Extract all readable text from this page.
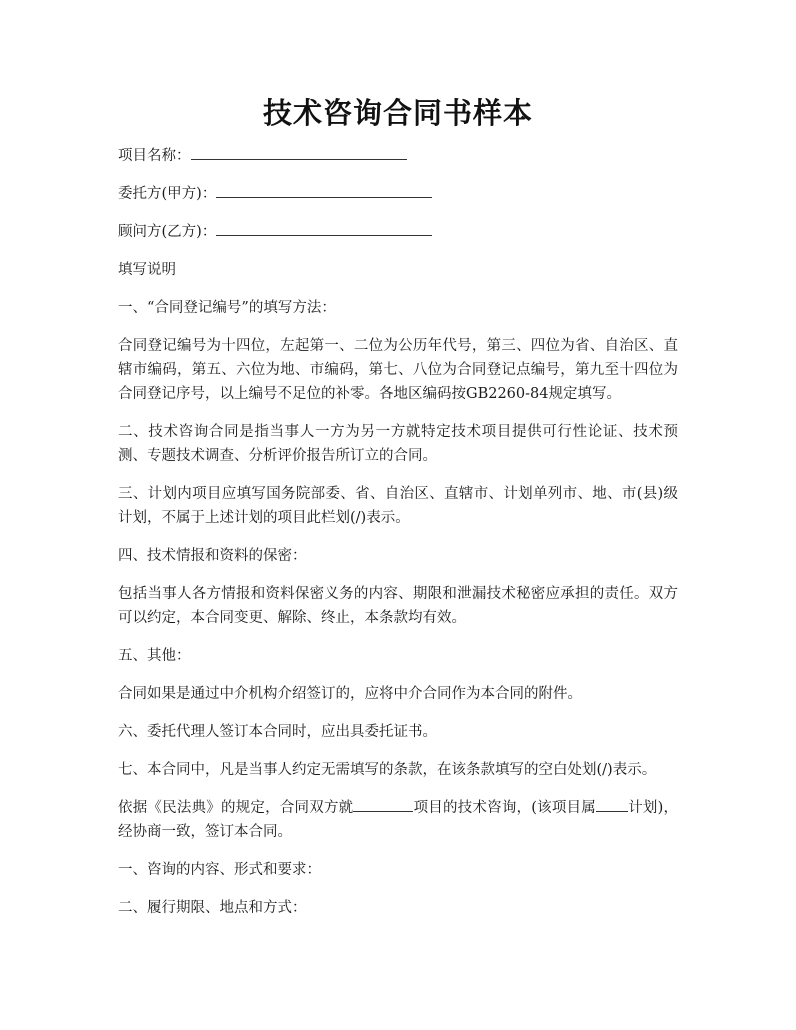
技术咨询合同书样本
项目名称：
委托方(甲方)：
顾问方(乙方)：

填写说明

一、“合同登记编号”的填写方法：

合同登记编号为十四位，左起第一、二位为公历年代号，第三、四位为省、自治区、直辖市编码，第五、六位为地、市编码，第七、八位为合同登记点编号，第九至十四位为合同登记序号，以上编号不足位的补零。各地区编码按GB2260-84规定填写。

二、技术咨询合同是指当事人一方为另一方就特定技术项目提供可行性论证、技术预测、专题技术调查、分析评价报告所订立的合同。

三、计划内项目应填写国务院部委、省、自治区、直辖市、计划单列市、地、市(县)级计划，不属于上述计划的项目此栏划(/)表示。

四、技术情报和资料的保密：

包括当事人各方情报和资料保密义务的内容、期限和泄漏技术秘密应承担的责任。双方可以约定，本合同变更、解除、终止，本条款均有效。

五、其他：

合同如果是通过中介机构介绍签订的，应将中介合同作为本合同的附件。

六、委托代理人签订本合同时，应出具委托证书。

七、本合同中，凡是当事人约定无需填写的条款，在该条款填写的空白处划(/)表示。

依据《民法典》的规定，合同双方就	项目的技术咨询，(该项目属 计划)，经协商一致，签订本合同。

一、咨询的内容、形式和要求：

二、履行期限、地点和方式：
